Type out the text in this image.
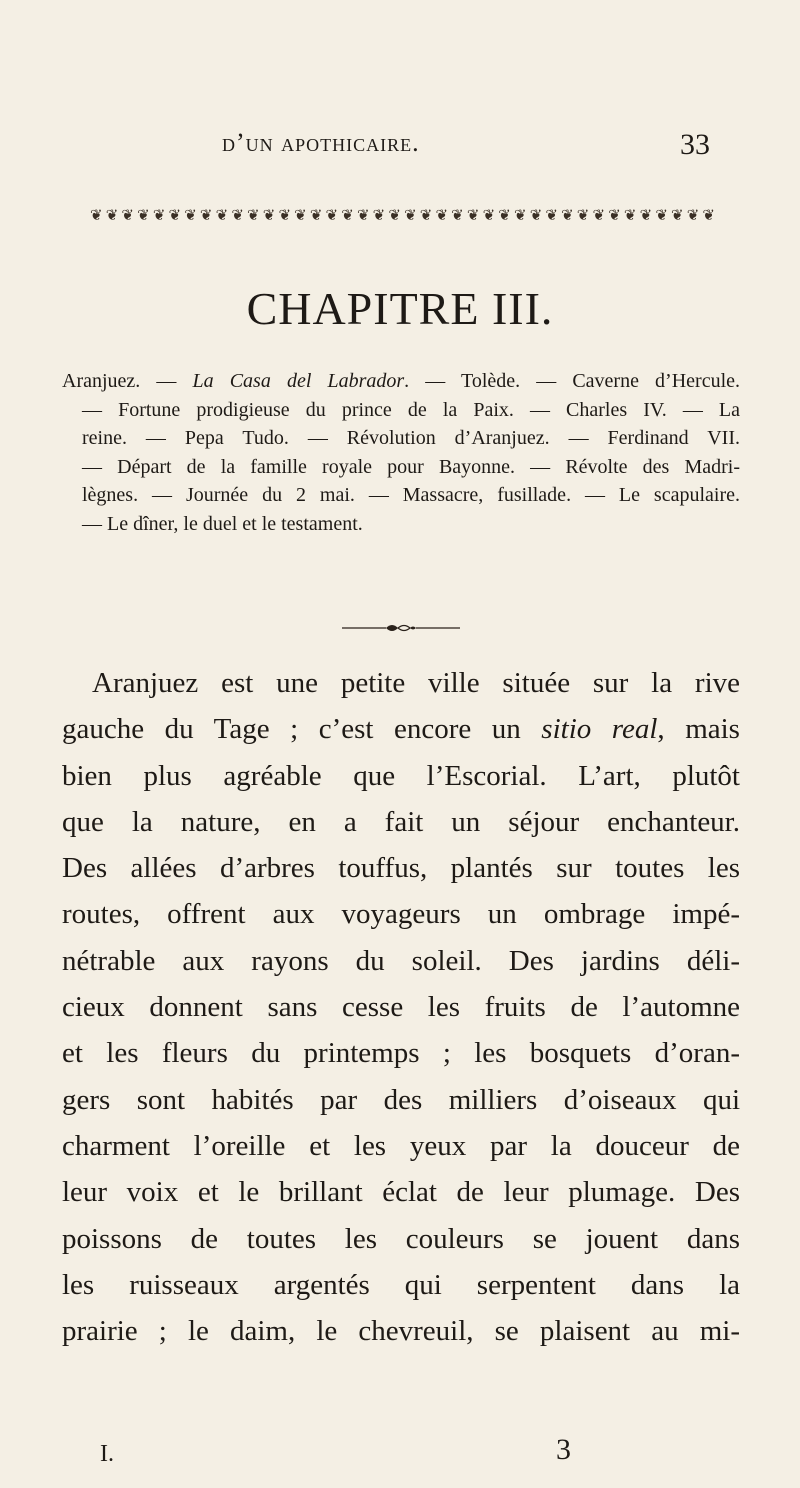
d’un apothicaire.	33
❦ ❦ ❦ ❦ ❦ ❦ ❦ ❦ ❦ ❦ ❦ ❦ ❦ ❦ ❦ ❦ ❦ ❦ ❦ ❦ ❦ ❦ ❦ ❦ ❦ ❦ ❦ ❦ ❦ ❦ ❦ ❦ ❦ ❦ ❦ ❦ ❦ ❦ ❦ ❦
CHAPITRE III.
Aranjuez. — La Casa del Labrador. — Tolède. — Caverne d’Hercule.
— Fortune prodigieuse du prince de la Paix. — Charles IV. — La
reine. — Pepa Tudo. — Révolution d’Aranjuez. — Ferdinand VII.
— Départ de la famille royale pour Bayonne. — Révolte des Madri-
lègnes. — Journée du 2 mai. — Massacre, fusillade. — Le scapulaire.
— Le dîner, le duel et le testament.
Aranjuez est une petite ville située sur la rive
gauche du Tage ; c’est encore un sitio real, mais
bien plus agréable que l’Escorial. L’art, plutôt
que la nature, en a fait un séjour enchanteur.
Des allées d’arbres touffus, plantés sur toutes les
routes, offrent aux voyageurs un ombrage impé-
nétrable aux rayons du soleil. Des jardins déli-
cieux donnent sans cesse les fruits de l’automne
et les fleurs du printemps ; les bosquets d’oran-
gers sont habités par des milliers d’oiseaux qui
charment l’oreille et les yeux par la douceur de
leur voix et le brillant éclat de leur plumage. Des
poissons de toutes les couleurs se jouent dans
les ruisseaux argentés qui serpentent dans la
prairie ; le daim, le chevreuil, se plaisent au mi-
I.	3
